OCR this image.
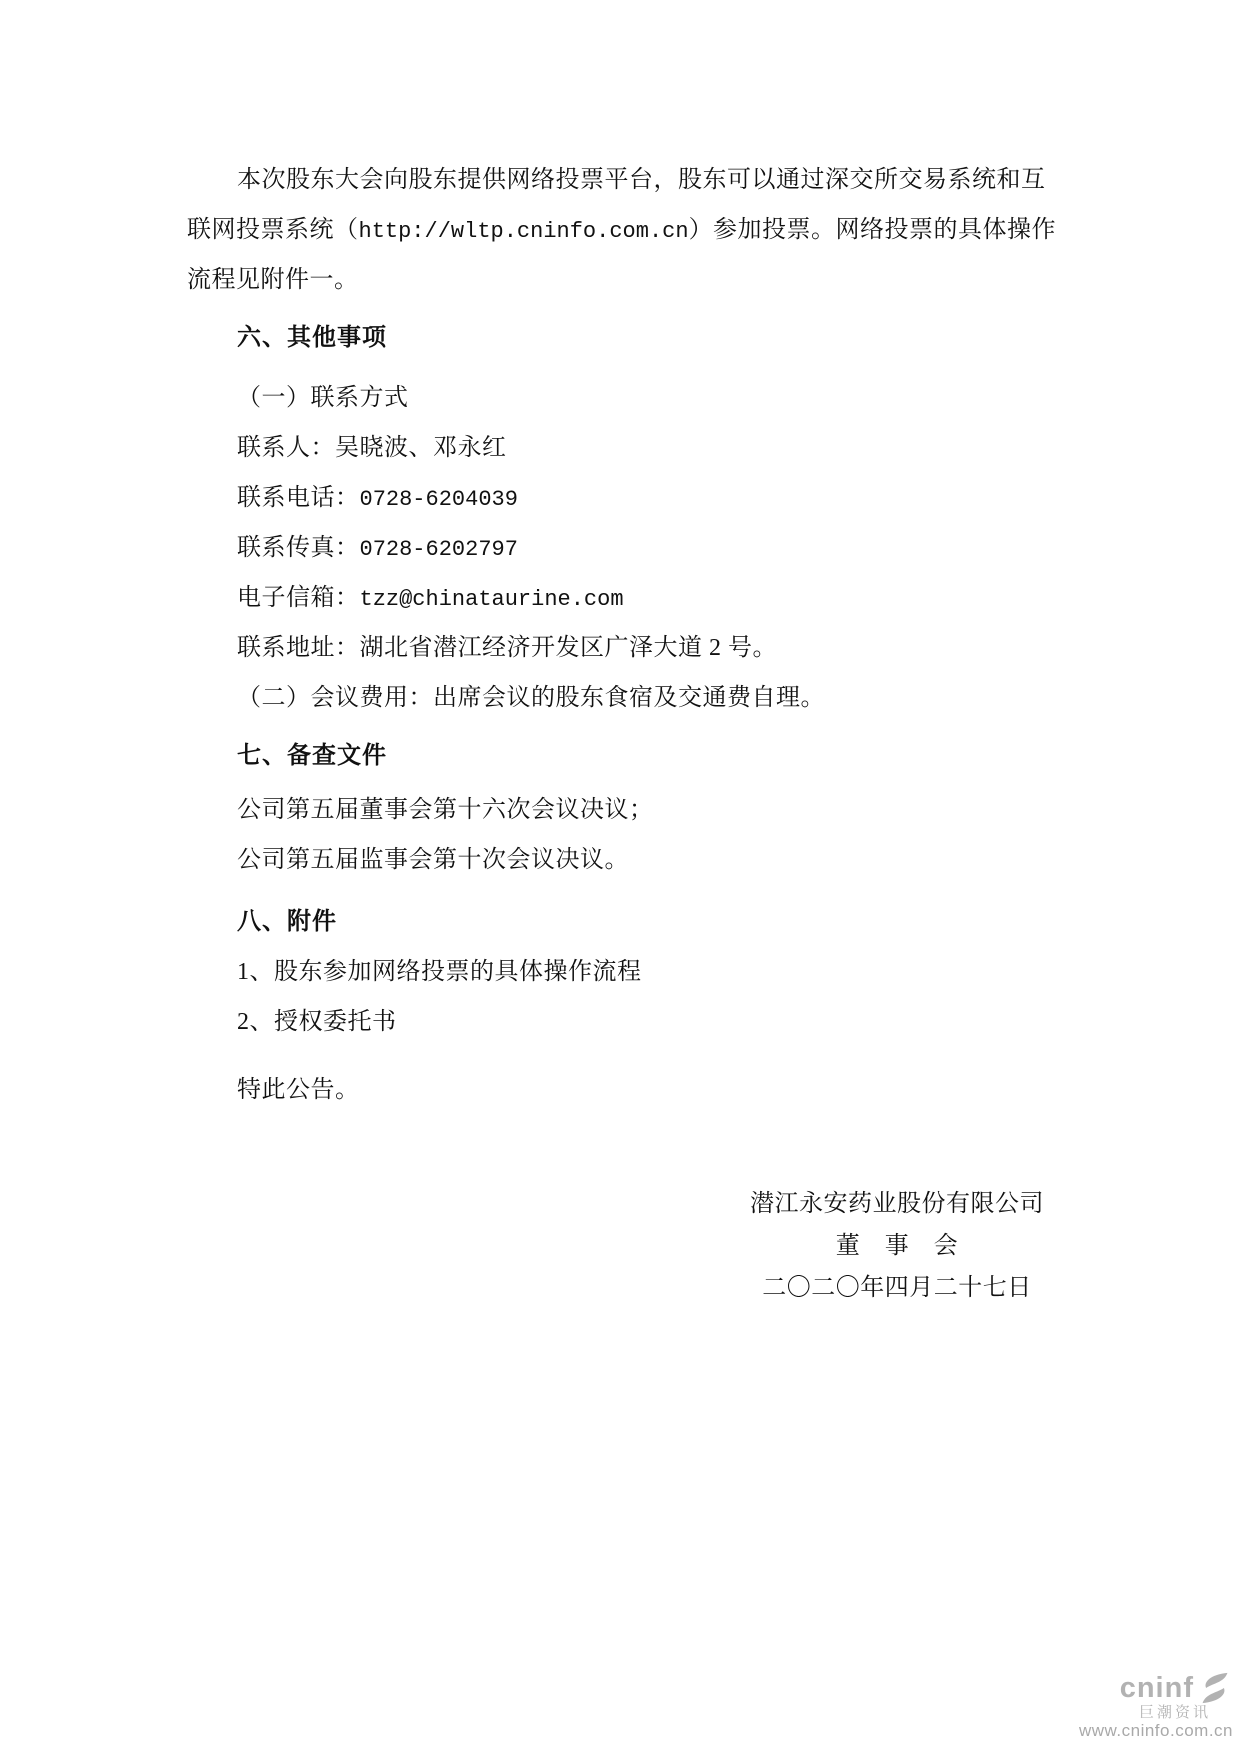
本次股东大会向股东提供网络投票平台，股东可以通过深交所交易系统和互
联网投票系统（http://wltp.cninfo.com.cn）参加投票。网络投票的具体操作
流程见附件一。
六、其他事项
（一）联系方式
联系人：吴晓波、邓永红
联系电话：0728-6204039
联系传真：0728-6202797
电子信箱：tzz@chinataurine.com
联系地址：湖北省潜江经济开发区广泽大道 2 号。
（二）会议费用：出席会议的股东食宿及交通费自理。
七、备查文件
公司第五届董事会第十六次会议决议；
公司第五届监事会第十次会议决议。
八、附件
1、股东参加网络投票的具体操作流程
2、授权委托书
特此公告。
潜江永安药业股份有限公司
董　事　会
二〇二〇年四月二十七日
cninf
巨潮资讯
www.cninfo.com.cn
